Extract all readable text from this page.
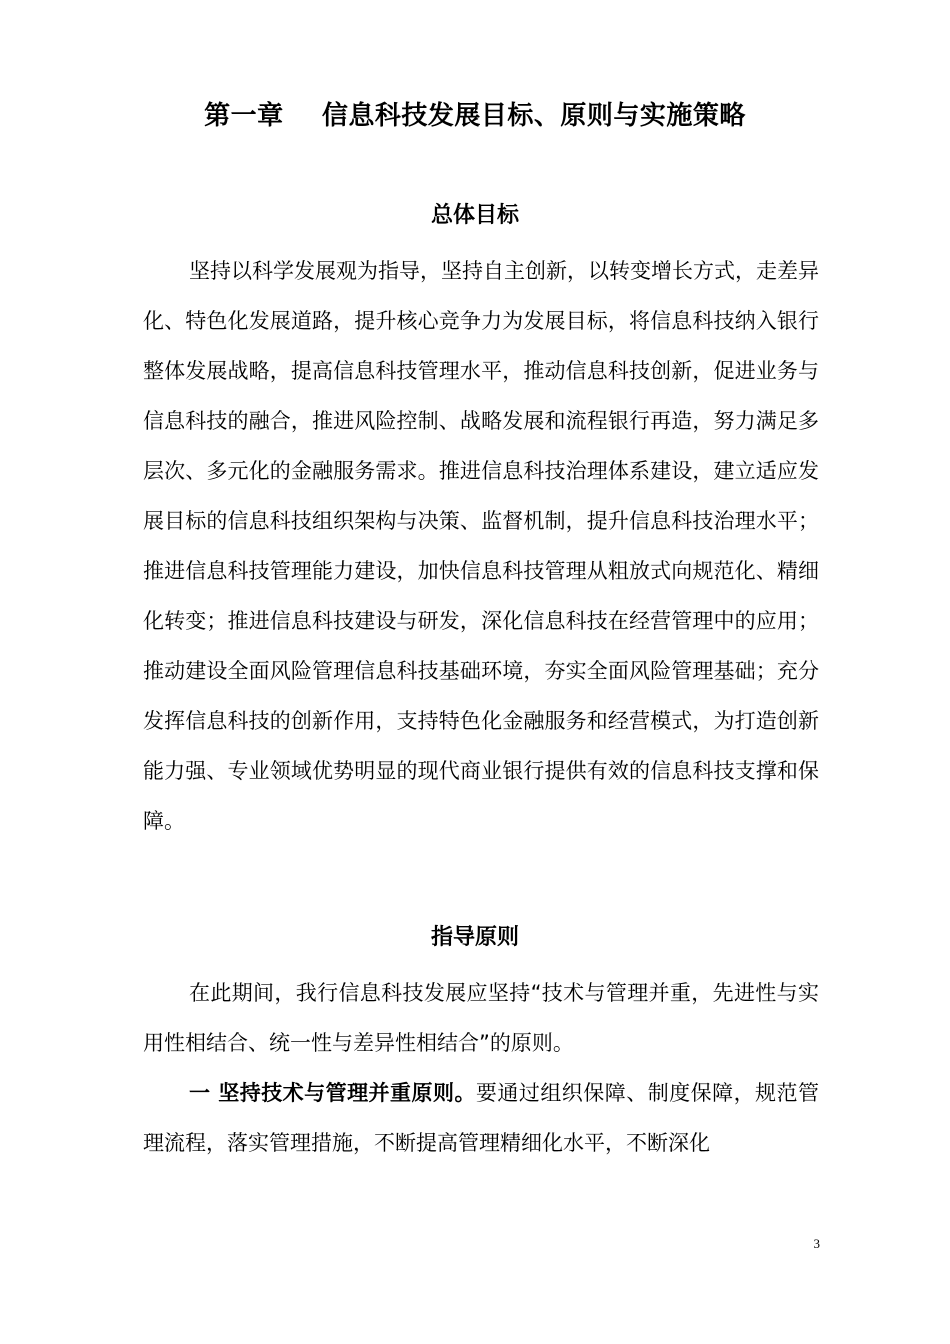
第一章    信息科技发展目标、原则与实施策略
总体目标

坚持以科学发展观为指导，坚持自主创新，以转变增长方式，走差异化、特色化发展道路，提升核心竞争力为发展目标，将信息科技纳入银行整体发展战略，提高信息科技管理水平，推动信息科技创新，促进业务与信息科技的融合，推进风险控制、战略发展和流程银行再造，努力满足多层次、多元化的金融服务需求。推进信息科技治理体系建设，建立适应发展目标的信息科技组织架构与决策、监督机制，提升信息科技治理水平；推进信息科技管理能力建设，加快信息科技管理从粗放式向规范化、精细化转变；推进信息科技建设与研发，深化信息科技在经营管理中的应用；推动建设全面风险管理信息科技基础环境，夯实全面风险管理基础；充分发挥信息科技的创新作用，支持特色化金融服务和经营模式，为打造创新能力强、专业领域优势明显的现代商业银行提供有效的信息科技支撑和保障。

指导原则

在此期间，我行信息科技发展应坚持“技术与管理并重，先进性与实用性相结合、统一性与差异性相结合”的原则。

一 坚持技术与管理并重原则。要通过组织保障、制度保障，规范管理流程，落实管理措施，不断提高管理精细化水平，不断深化

3
